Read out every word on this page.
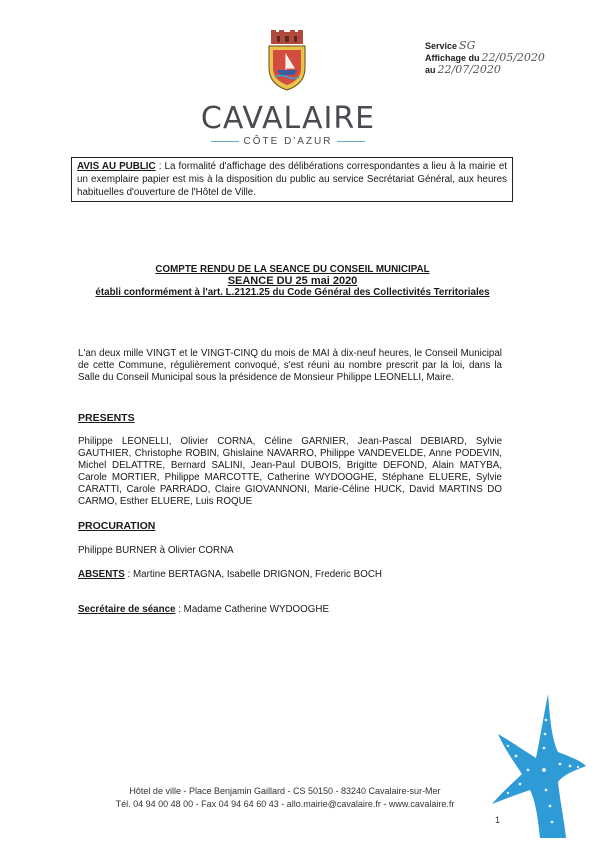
CAVALAIRE
CÔTE D'AZUR
Service SG
Affichage du 22/05/2020
au 22/07/2020
AVIS AU PUBLIC : La formalité d'affichage des délibérations correspondantes a lieu à la mairie et un exemplaire papier est mis à la disposition du public au service Secrétariat Général, aux heures habituelles d'ouverture de l'Hôtel de Ville.
COMPTE RENDU DE LA SEANCE DU CONSEIL MUNICIPAL
SEANCE DU 25 mai 2020
établi conformément à l'art. L.2121.25 du Code Général des Collectivités Territoriales
L'an deux mille VINGT et le VINGT-CINQ du mois de MAI à dix-neuf heures, le Conseil Municipal de cette Commune, régulièrement convoqué, s'est réuni au nombre prescrit par la loi, dans la Salle du Conseil Municipal sous la présidence de Monsieur Philippe LEONELLI, Maire.
PRESENTS
Philippe LEONELLI, Olivier CORNA, Céline GARNIER, Jean-Pascal DEBIARD, Sylvie GAUTHIER, Christophe ROBIN, Ghislaine NAVARRO, Philippe VANDEVELDE, Anne PODEVIN, Michel DELATTRE, Bernard SALINI, Jean-Paul DUBOIS, Brigitte DEFOND, Alain MATYBA, Carole MORTIER, Philippe MARCOTTE, Catherine WYDOOGHE, Stéphane ELUERE, Sylvie CARATTI, Carole PARRADO, Claire GIOVANNONI, Marie-Céline HUCK, David MARTINS DO CARMO, Esther ELUERE, Luis ROQUE
PROCURATION
Philippe BURNER à Olivier CORNA
ABSENTS : Martine BERTAGNA, Isabelle DRIGNON, Frederic BOCH
Secrétaire de séance : Madame Catherine WYDOOGHE
Hôtel de ville - Place Benjamin Gaillard - CS 50150 - 83240 Cavalaire-sur-Mer
Tél. 04 94 00 48 00 - Fax 04 94 64 60 43 - allo.mairie@cavalaire.fr - www.cavalaire.fr
1
